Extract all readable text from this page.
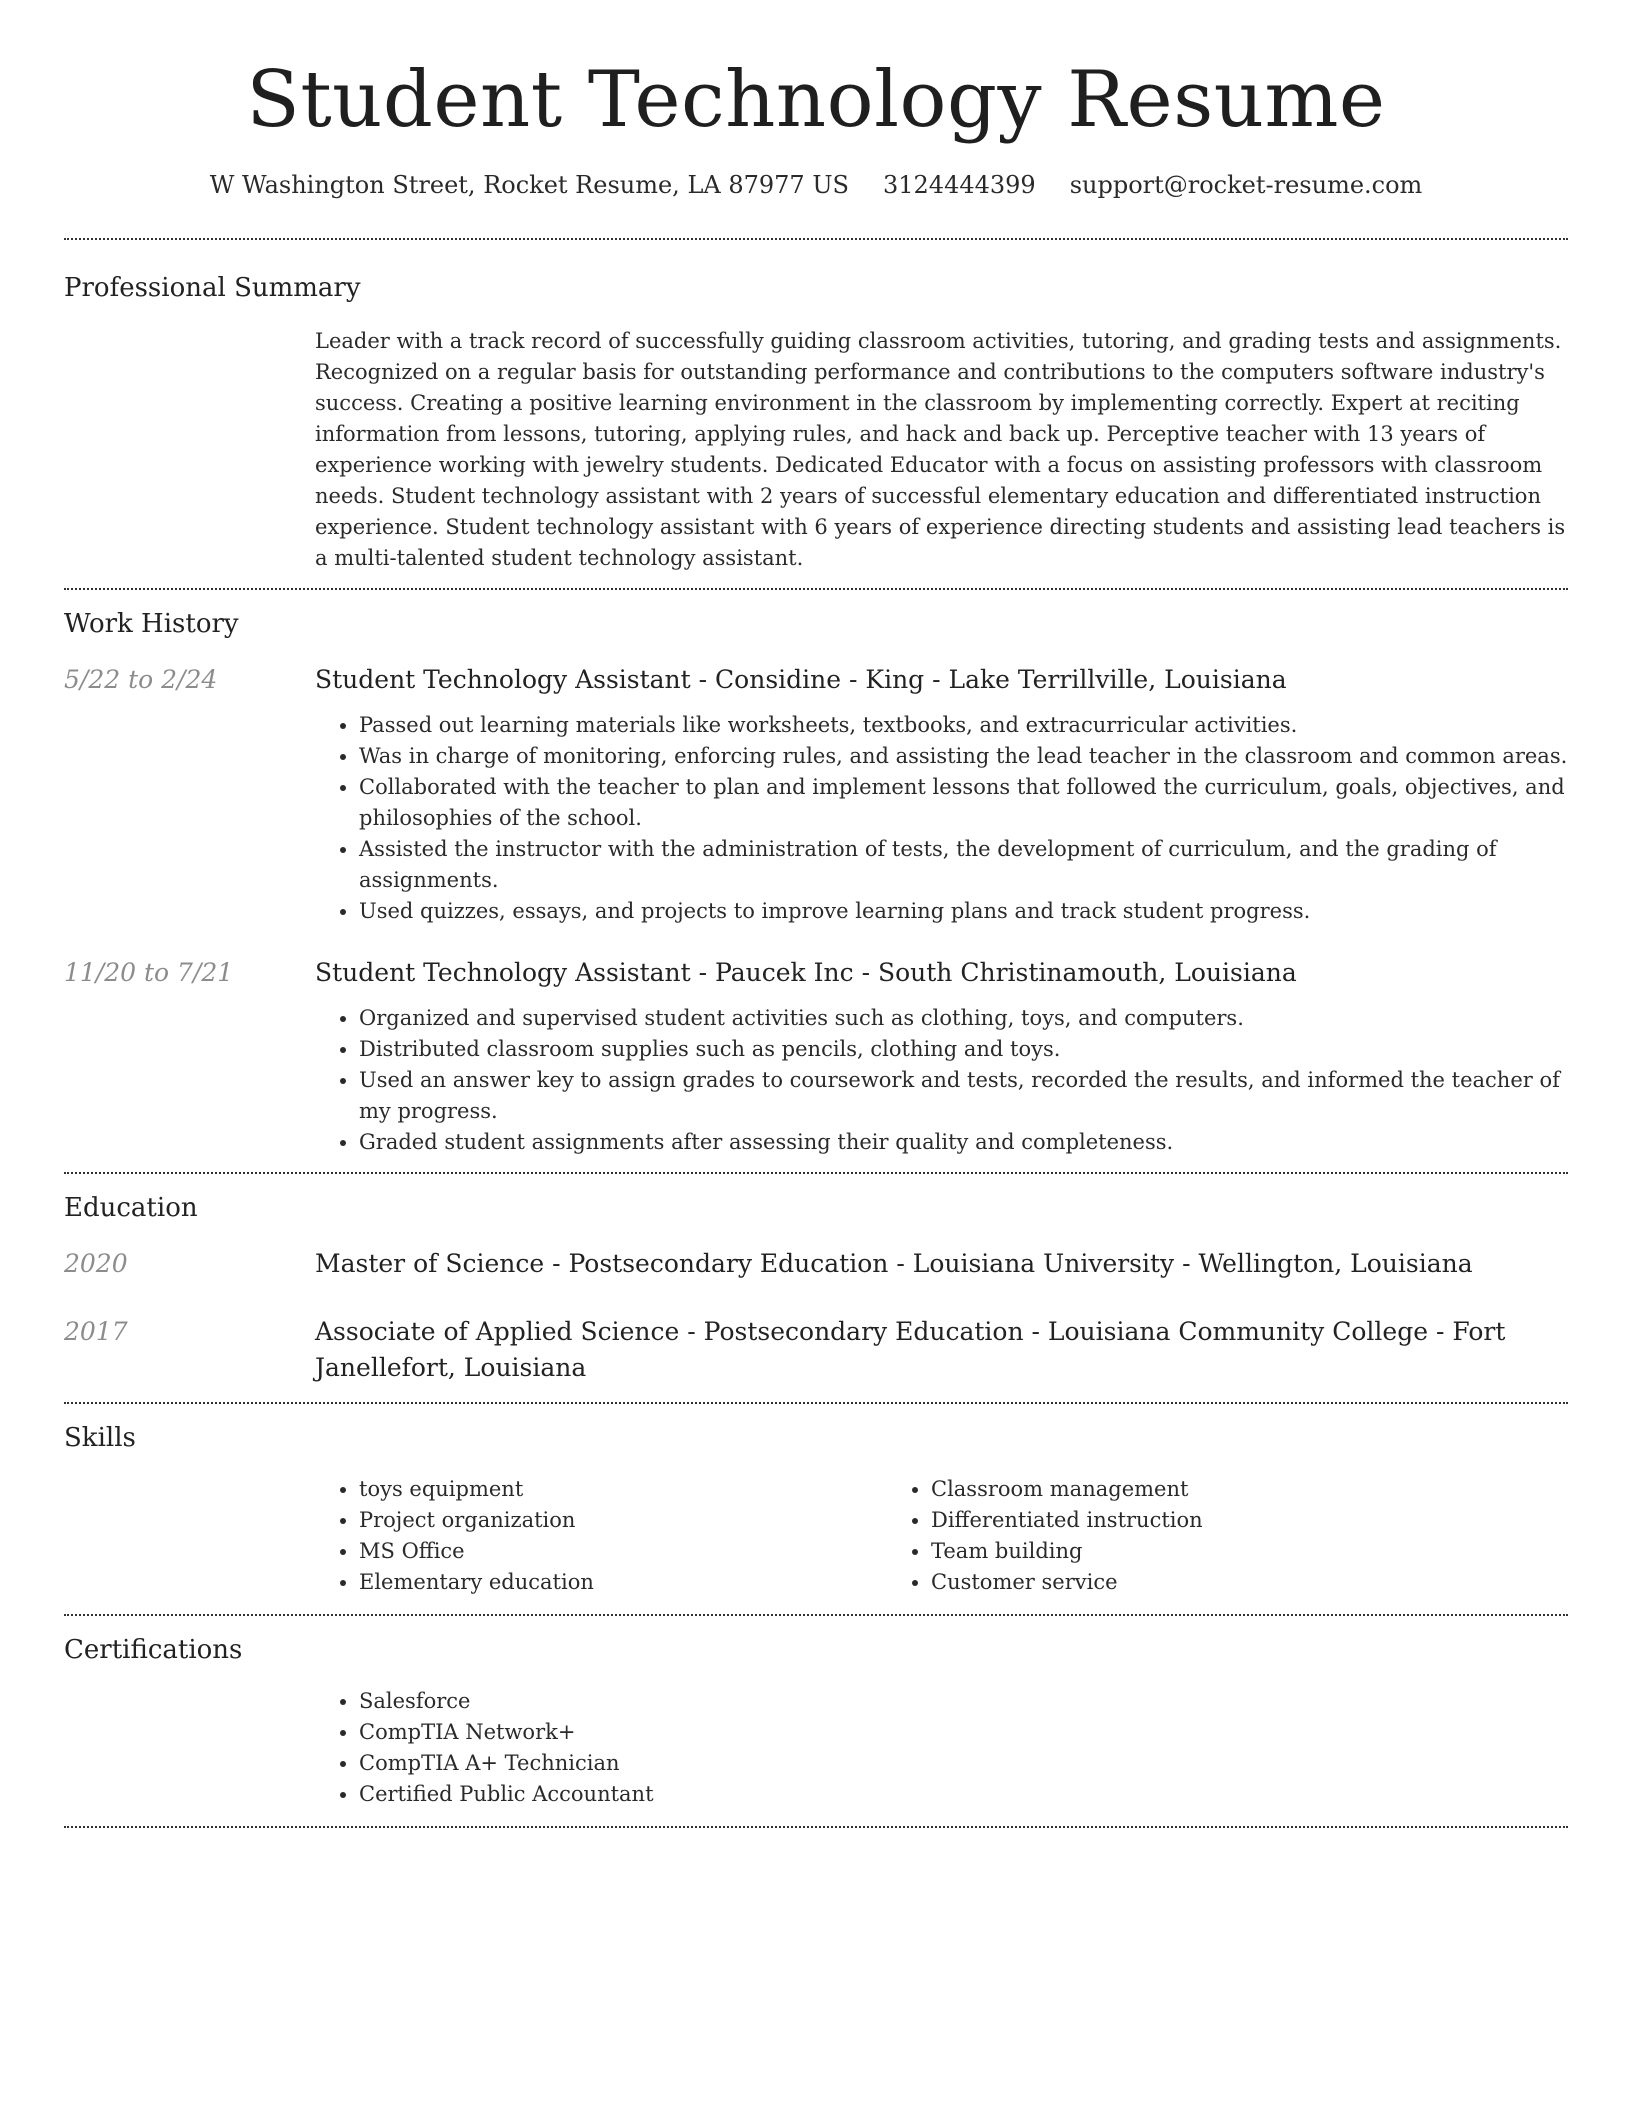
Student Technology Resume
W Washington Street, Rocket Resume, LA 87977 US 3124444399 support@rocket-resume.com
Professional Summary
Leader with a track record of successfully guiding classroom activities, tutoring, and grading tests and assignments. Recognized on a regular basis for outstanding performance and contributions to the computers software industry's success. Creating a positive learning environment in the classroom by implementing correctly. Expert at reciting information from lessons, tutoring, applying rules, and hack and back up. Perceptive teacher with 13 years of experience working with jewelry students. Dedicated Educator with a focus on assisting professors with classroom needs. Student technology assistant with 2 years of successful elementary education and differentiated instruction experience. Student technology assistant with 6 years of experience directing students and assisting lead teachers is a multi-talented student technology assistant.
Work History
5/22 to 2/24	Student Technology Assistant - Considine - King - Lake Terrillville, Louisiana
• Passed out learning materials like worksheets, textbooks, and extracurricular activities.
• Was in charge of monitoring, enforcing rules, and assisting the lead teacher in the classroom and common areas.
• Collaborated with the teacher to plan and implement lessons that followed the curriculum, goals, objectives, and philosophies of the school.
• Assisted the instructor with the administration of tests, the development of curriculum, and the grading of assignments.
• Used quizzes, essays, and projects to improve learning plans and track student progress.
11/20 to 7/21	Student Technology Assistant - Paucek Inc - South Christinamouth, Louisiana
• Organized and supervised student activities such as clothing, toys, and computers.
• Distributed classroom supplies such as pencils, clothing and toys.
• Used an answer key to assign grades to coursework and tests, recorded the results, and informed the teacher of my progress.
• Graded student assignments after assessing their quality and completeness.
Education
2020	Master of Science - Postsecondary Education - Louisiana University - Wellington, Louisiana
2017	Associate of Applied Science - Postsecondary Education - Louisiana Community College - Fort Janellefort, Louisiana
Skills
• toys equipment
• Project organization
• MS Office
• Elementary education
• Classroom management
• Differentiated instruction
• Team building
• Customer service
Certifications
• Salesforce
• CompTIA Network+
• CompTIA A+ Technician
• Certified Public Accountant
